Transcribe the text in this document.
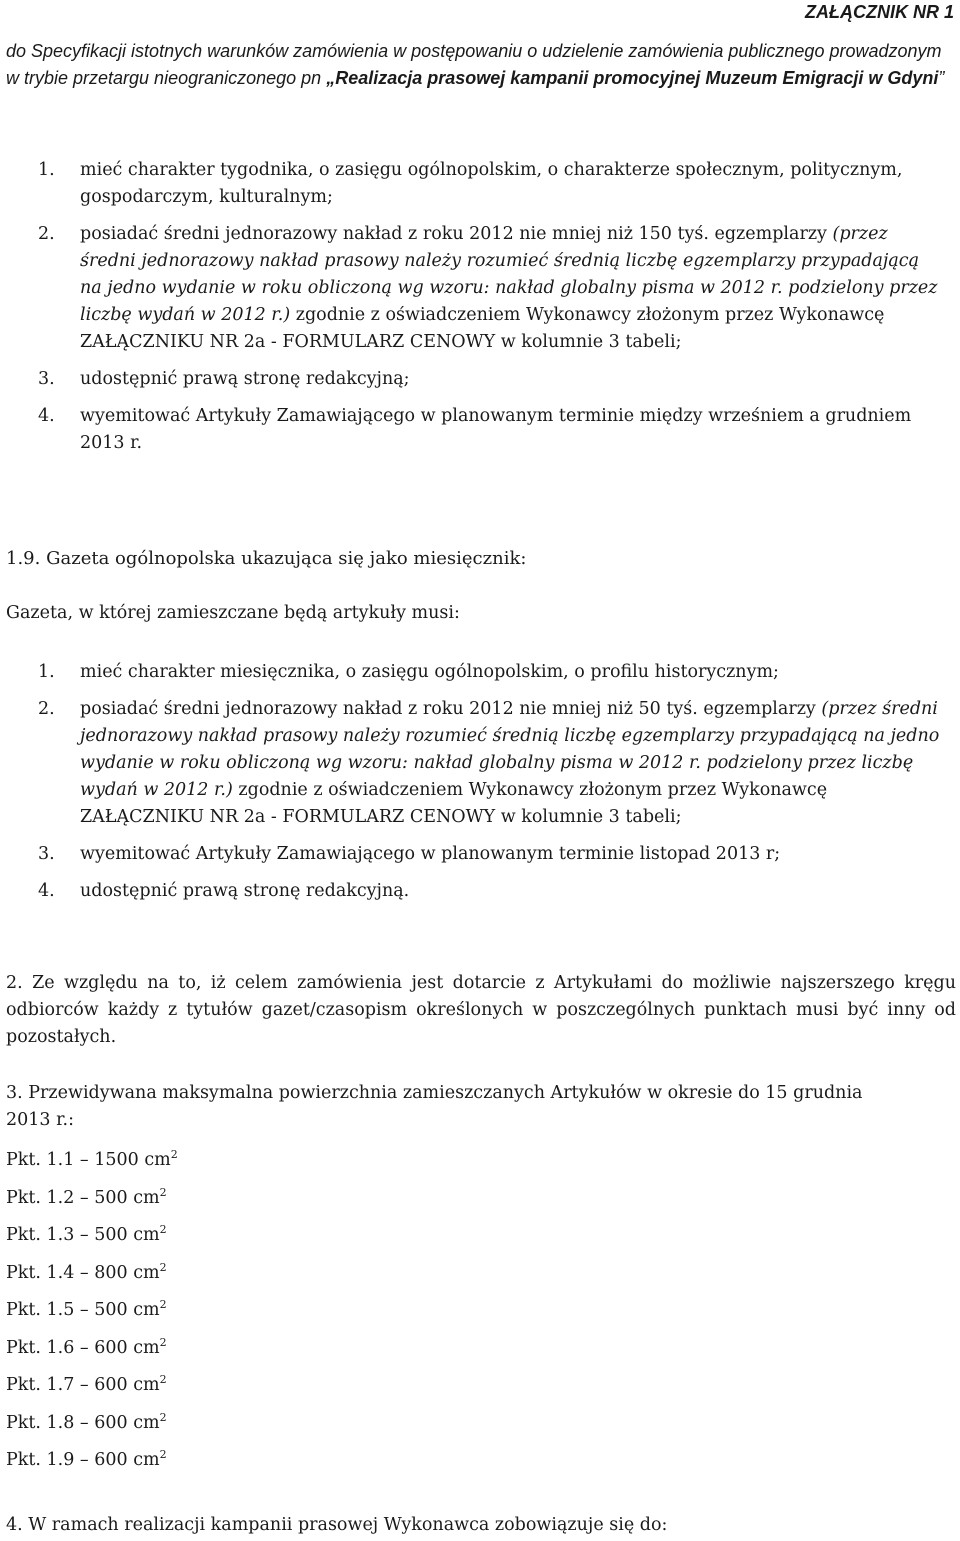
ZAŁĄCZNIK NR 1
do Specyfikacji istotnych warunków zamówienia w postępowaniu o udzielenie zamówienia publicznego prowadzonym w trybie przetargu nieograniczonego pn „Realizacja prasowej kampanii promocyjnej Muzeum Emigracji w Gdyni”
1. mieć charakter tygodnika, o zasięgu ogólnopolskim, o charakterze społecznym, politycznym, gospodarczym, kulturalnym;
2. posiadać średni jednorazowy nakład z roku 2012 nie mniej niż 150 tyś. egzemplarzy (przez średni jednorazowy nakład prasowy należy rozumieć średnią liczbę egzemplarzy przypadającą na jedno wydanie w roku obliczoną wg wzoru: nakład globalny pisma w 2012 r. podzielony przez liczbę wydań w 2012 r.) zgodnie z oświadczeniem Wykonawcy złożonym przez Wykonawcę ZAŁĄCZNIKU NR 2a - FORMULARZ CENOWY w kolumnie 3 tabeli;
3. udostępnić prawą stronę redakcyjną;
4. wyemitować Artykuły Zamawiającego w planowanym terminie między wrześniem a grudniem 2013 r.
1.9. Gazeta ogólnopolska ukazująca się jako miesięcznik:
Gazeta, w której zamieszczane będą artykuły musi:
1. mieć charakter miesięcznika, o zasięgu ogólnopolskim, o profilu historycznym;
2. posiadać średni jednorazowy nakład z roku 2012 nie mniej niż 50 tyś. egzemplarzy (przez średni jednorazowy nakład prasowy należy rozumieć średnią liczbę egzemplarzy przypadającą na jedno wydanie w roku obliczoną wg wzoru: nakład globalny pisma w 2012 r. podzielony przez liczbę wydań w 2012 r.) zgodnie z oświadczeniem Wykonawcy złożonym przez Wykonawcę ZAŁĄCZNIKU NR 2a - FORMULARZ CENOWY w kolumnie 3 tabeli;
3. wyemitować Artykuły Zamawiającego w planowanym terminie listopad 2013 r;
4. udostępnić prawą stronę redakcyjną.
2. Ze względu na to, iż celem zamówienia jest dotarcie z Artykułami do możliwie najszerszego kręgu odbiorców każdy z tytułów gazet/czasopism określonych w poszczególnych punktach musi być inny od pozostałych.
3. Przewidywana maksymalna powierzchnia zamieszczanych Artykułów w okresie do 15 grudnia 2013 r.:
Pkt. 1.1 – 1500 $cm^2$
Pkt. 1.2 – 500 $cm^2$
Pkt. 1.3 – 500 $cm^2$
Pkt. 1.4 – 800 $cm^2$
Pkt. 1.5 – 500 $cm^2$
Pkt. 1.6 – 600 $cm^2$
Pkt. 1.7 – 600 $cm^2$
Pkt. 1.8 – 600 $cm^2$
Pkt. 1.9 – 600 $cm^2$
4. W ramach realizacji kampanii prasowej Wykonawca zobowiązuje się do:
